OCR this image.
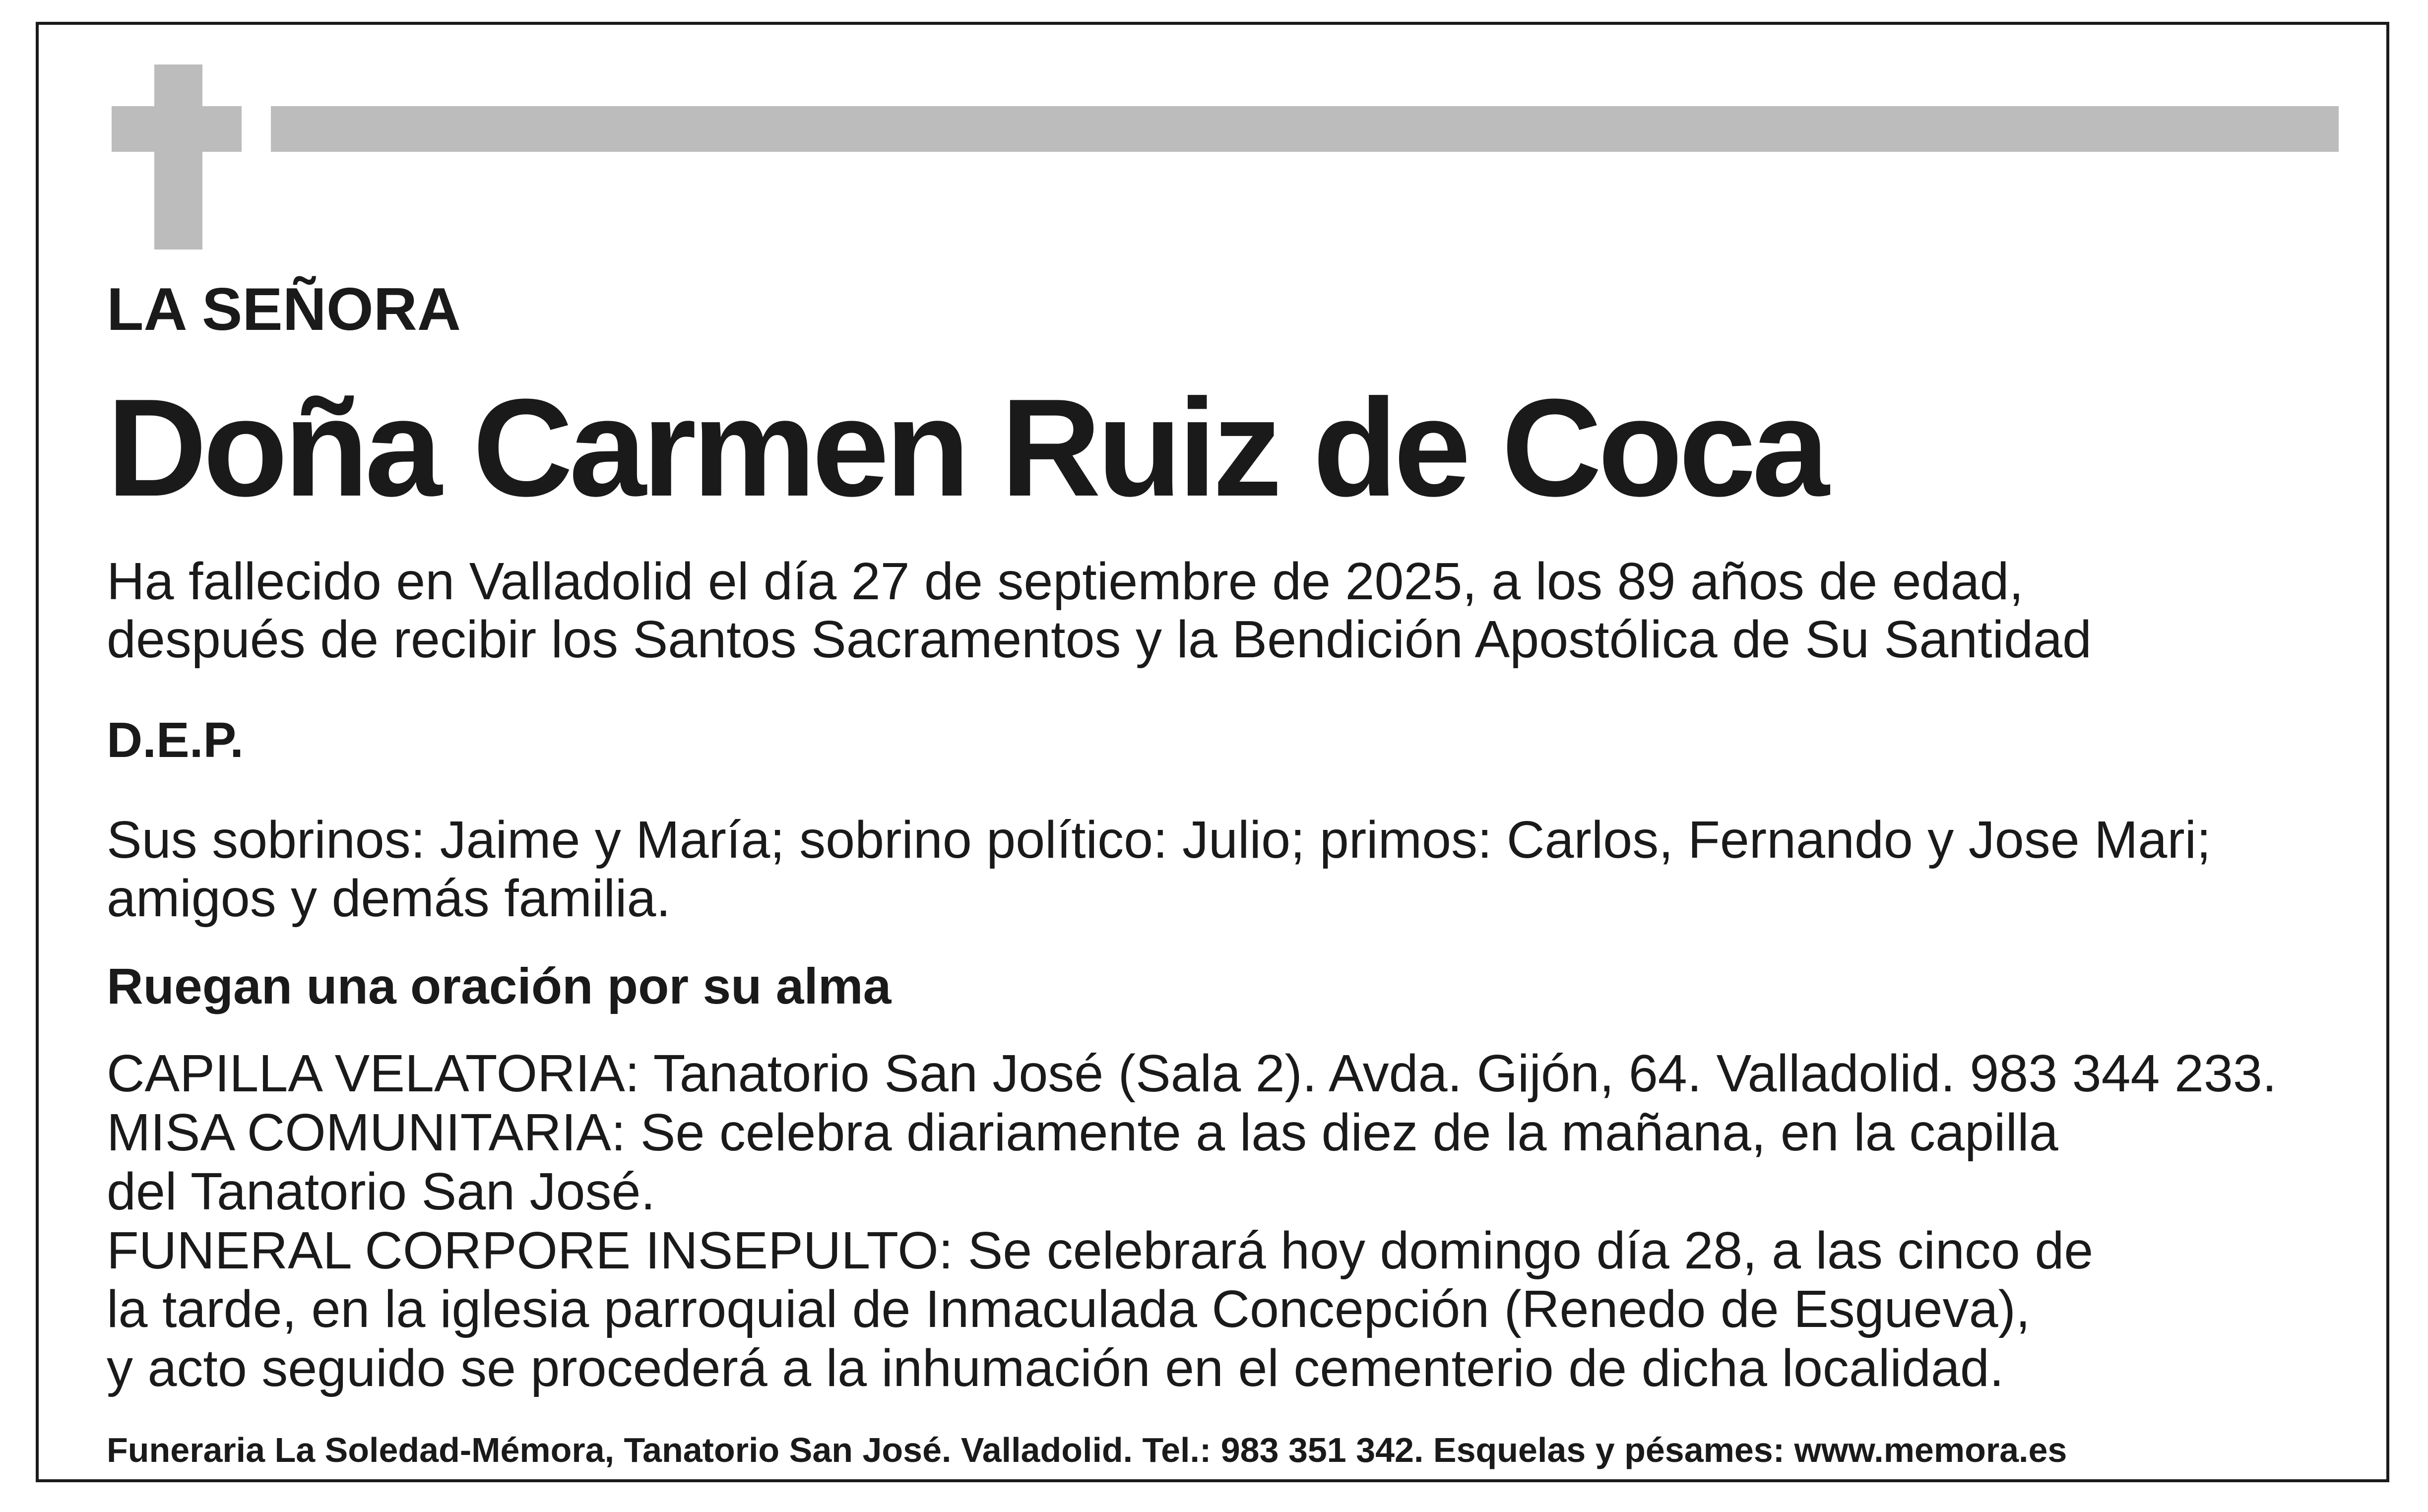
LA SEÑORA

Doña Carmen Ruiz de Coca

Ha fallecido en Valladolid el día 27 de septiembre de 2025, a los 89 años de edad,
después de recibir los Santos Sacramentos y la Bendición Apostólica de Su Santidad

D.E.P.

Sus sobrinos: Jaime y María; sobrino político: Julio; primos: Carlos, Fernando y Jose Mari;
amigos y demás familia.

Ruegan una oración por su alma

CAPILLA VELATORIA: Tanatorio San José (Sala 2). Avda. Gijón, 64. Valladolid. 983 344 233.
MISA COMUNITARIA: Se celebra diariamente a las diez de la mañana, en la capilla
del Tanatorio San José.
FUNERAL CORPORE INSEPULTO: Se celebrará hoy domingo día 28, a las cinco de
la tarde, en la iglesia parroquial de Inmaculada Concepción (Renedo de Esgueva),
y acto seguido se procederá a la inhumación en el cementerio de dicha localidad.

Funeraria La Soledad-Mémora, Tanatorio San José. Valladolid. Tel.: 983 351 342. Esquelas y pésames: www.memora.es
